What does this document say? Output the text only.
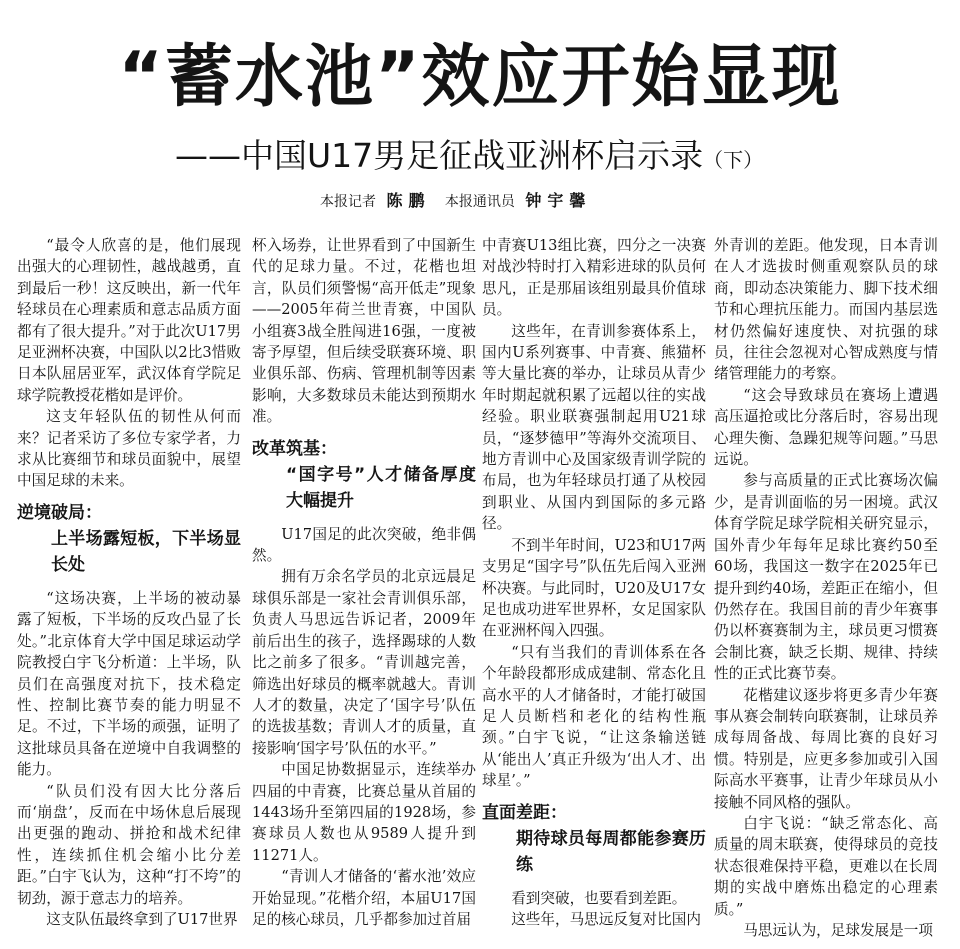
“蓄水池”效应开始显现
——中国U17男足征战亚洲杯启示录（下）
本报记者 陈鹏 本报通讯员 钟宇馨

“最令人欣喜的是，他们展现出强大的心理韧性，越战越勇，直到最后一秒！这反映出，新一代年轻球员在心理素质和意志品质方面都有了很大提升。”对于此次U17男足亚洲杯决赛，中国队以2比3惜败日本队屈居亚军，武汉体育学院足球学院教授花楷如是评价。

这支年轻队伍的韧性从何而来？记者采访了多位专家学者，力求从比赛细节和球员面貌中，展望中国足球的未来。

逆境破局：
上半场露短板，下半场显长处

“这场决赛，上半场的被动暴露了短板，下半场的反攻凸显了长处。”北京体育大学中国足球运动学院教授白宇飞分析道：上半场，队员们在高强度对抗下，技术稳定性、控制比赛节奏的能力明显不足。不过，下半场的顽强，证明了这批球员具备在逆境中自我调整的能力。

“队员们没有因大比分落后而‘崩盘’，反而在中场休息后展现出更强的跑动、拼抢和战术纪律性，连续抓住机会缩小比分差距。”白宇飞认为，这种“打不垮”的韧劲，源于意志力的培养。

这支队伍最终拿到了U17世界

杯入场券，让世界看到了中国新生代的足球力量。不过，花楷也坦言，队员们须警惕“高开低走”现象——2005年荷兰世青赛，中国队小组赛3战全胜闯进16强，一度被寄予厚望，但后续受联赛环境、职业俱乐部、伤病、管理机制等因素影响，大多数球员未能达到预期水准。

改革筑基：
“国字号”人才储备厚度大幅提升

U17国足的此次突破，绝非偶然。

拥有万余名学员的北京远晨足球俱乐部是一家社会青训俱乐部，负责人马思远告诉记者，2009年前后出生的孩子，选择踢球的人数比之前多了很多。“青训越完善，筛选出好球员的概率就越大。青训人才的数量，决定了‘国字号’队伍的选拔基数；青训人才的质量，直接影响‘国字号’队伍的水平。”

中国足协数据显示，连续举办四届的中青赛，比赛总量从首届的1443场升至第四届的1928场，参赛球员人数也从9589人提升到11271人。

“青训人才储备的‘蓄水池’效应开始显现。”花楷介绍，本届U17国足的核心球员，几乎都参加过首届

中青赛U13组比赛，四分之一决赛对战沙特时打入精彩进球的队员何思凡，正是那届该组别最具价值球员。

这些年，在青训参赛体系上，国内U系列赛事、中青赛、熊猫杯等大量比赛的举办，让球员从青少年时期起就积累了远超以往的实战经验。职业联赛强制起用U21球员，“逐梦德甲”等海外交流项目、地方青训中心及国家级青训学院的布局，也为年轻球员打通了从校园到职业、从国内到国际的多元路径。

不到半年时间，U23和U17两支男足“国字号”队伍先后闯入亚洲杯决赛。与此同时，U20及U17女足也成功进军世界杯，女足国家队在亚洲杯闯入四强。

“只有当我们的青训体系在各个年龄段都形成成建制、常态化且高水平的人才储备时，才能打破国足人员断档和老化的结构性瓶颈。”白宇飞说，“让这条输送链从‘能出人’真正升级为‘出人才、出球星’。”

直面差距：
期待球员每周都能参赛历练

看到突破，也要看到差距。

这些年，马思远反复对比国内

外青训的差距。他发现，日本青训在人才选拔时侧重观察队员的球商，即动态决策能力、脚下技术细节和心理抗压能力。而国内基层选材仍然偏好速度快、对抗强的球员，往往会忽视对心智成熟度与情绪管理能力的考察。

“这会导致球员在赛场上遭遇高压逼抢或比分落后时，容易出现心理失衡、急躁犯规等问题。”马思远说。

参与高质量的正式比赛场次偏少，是青训面临的另一困境。武汉体育学院足球学院相关研究显示，国外青少年每年足球比赛约50至60场，我国这一数字在2025年已提升到约40场，差距正在缩小，但仍然存在。我国目前的青少年赛事仍以杯赛赛制为主，球员更习惯赛会制比赛，缺乏长期、规律、持续性的正式比赛节奏。

花楷建议逐步将更多青少年赛事从赛会制转向联赛制，让球员养成每周备战、每周比赛的良好习惯。特别是，应更多参加或引入国际高水平赛事，让青少年球员从小接触不同风格的强队。

白宇飞说：“缺乏常态化、高质量的周末联赛，使得球员的竞技状态很难保持平稳，更难以在长周期的实战中磨炼出稳定的心理素质。”

马思远认为，足球发展是一项
